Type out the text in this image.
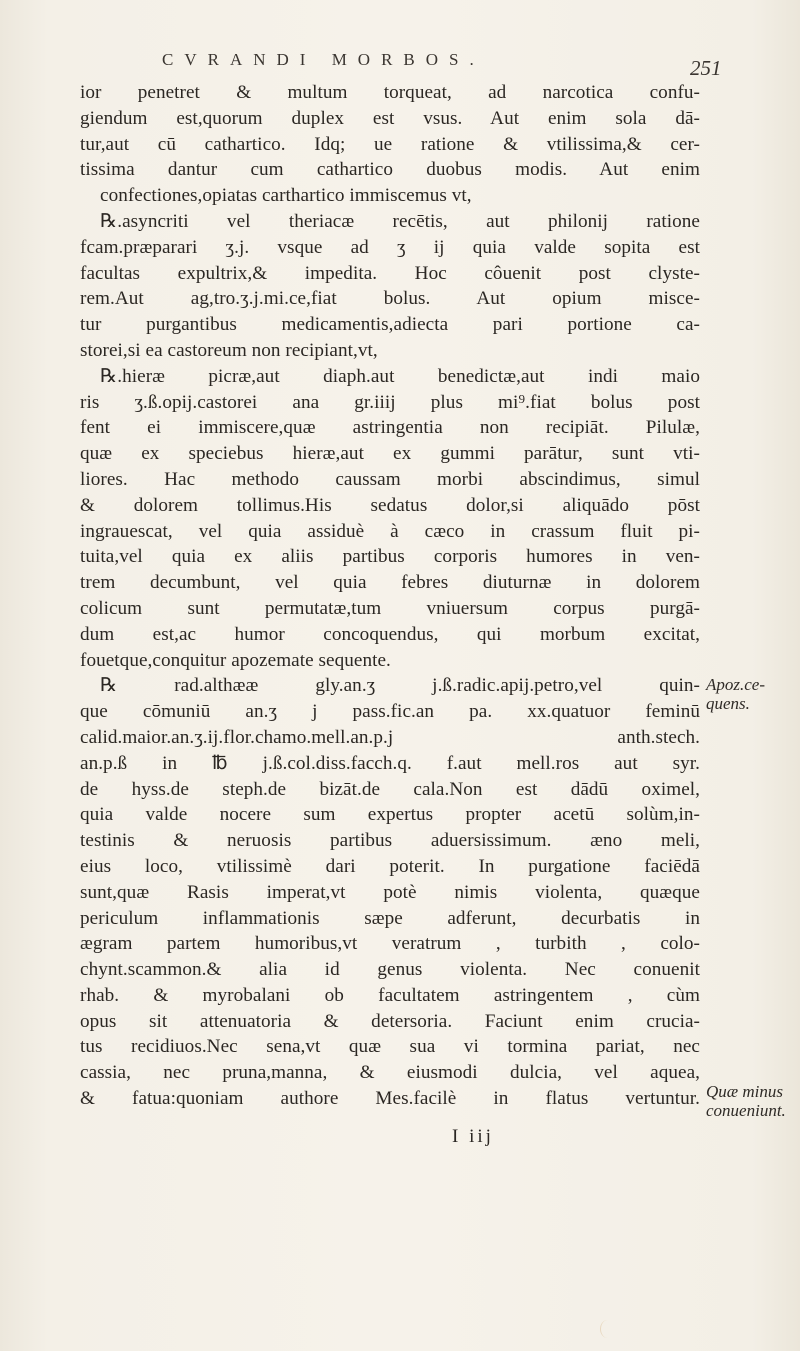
CVRANDI MORBOS.	251
ior penetret & multum torqueat, ad narcotica confu-
giendum est,quorum duplex est vsus. Aut enim sola dā-
tur,aut cū cathartico. Idq; ue ratione & vtilissima,& cer-
tissima dantur cum cathartico duobus modis. Aut enim
confectiones,opiatas carthartico immiscemus vt,
℞.asyncriti vel theriacæ recētis, aut philonij ratione
fcam.præparari ʒ.j. vsque ad ʒ ij quia valde sopita est
facultas expultrix,& impedita. Hoc côuenit post clyste-
rem.Aut ag,tro.ʒ.j.mi.ce,fiat bolus. Aut opium misce-
tur purgantibus medicamentis,adiecta pari portione ca-
storei,si ea castoreum non recipiant,vt,
℞.hieræ picræ,aut diaph.aut benedictæ,aut indi maio
ris ʒ.ß.opij.castorei ana gr.iiij plus mi⁹.fiat bolus post
fent ei immiscere,quæ astringentia non recipiāt. Pilulæ,
quæ ex speciebus hieræ,aut ex gummi parātur, sunt vti-
liores. Hac methodo caussam morbi abscindimus, simul
& dolorem tollimus.His sedatus dolor,si aliquādo pōst
ingrauescat, vel quia assiduè à cæco in crassum fluit pi-
tuita,vel quia ex aliis partibus corporis humores in ven-
trem decumbunt, vel quia febres diuturnæ in dolorem
colicum sunt permutatæ,tum vniuersum corpus purgā-
dum est,ac humor concoquendus, qui morbum excitat,
fouetque,conquitur apozemate sequente.
℞ rad.althææ gly.an.ʒ j.ß.radic.apij.petro,vel quin-
que cōmuniū an.ʒ j pass.fic.an pa. xx.quatuor feminū
calid.maior.an.ʒ.ij.flor.chamo.mell.an.p.j anth.stech.
an.p.ß in ℔ j.ß.col.diss.facch.q. f.aut mell.ros aut syr.
de hyss.de steph.de bizāt.de cala.Non est dādū oximel,
quia valde nocere sum expertus propter acetū solùm,in-
testinis & neruosis partibus aduersissimum. æno meli,
eius loco, vtilissimè dari poterit. In purgatione faciēdā
sunt,quæ Rasis imperat,vt potè nimis violenta, quæque
periculum inflammationis sæpe adferunt, decurbatis in
ægram partem humoribus,vt veratrum , turbith , colo-
chynt.scammon.& alia id genus violenta. Nec conuenit
rhab. & myrobalani ob facultatem astringentem , cùm
opus sit attenuatoria & detersoria. Faciunt enim crucia-
tus recidiuos.Nec sena,vt quæ sua vi tormina pariat, nec
cassia, nec pruna,manna, & eiusmodi dulcia, vel aquea,
& fatua:quoniam authore Mes.facilè in flatus vertuntur.
Apoz.ce-
quens.
Quæ minus
conueniunt.
I iij
